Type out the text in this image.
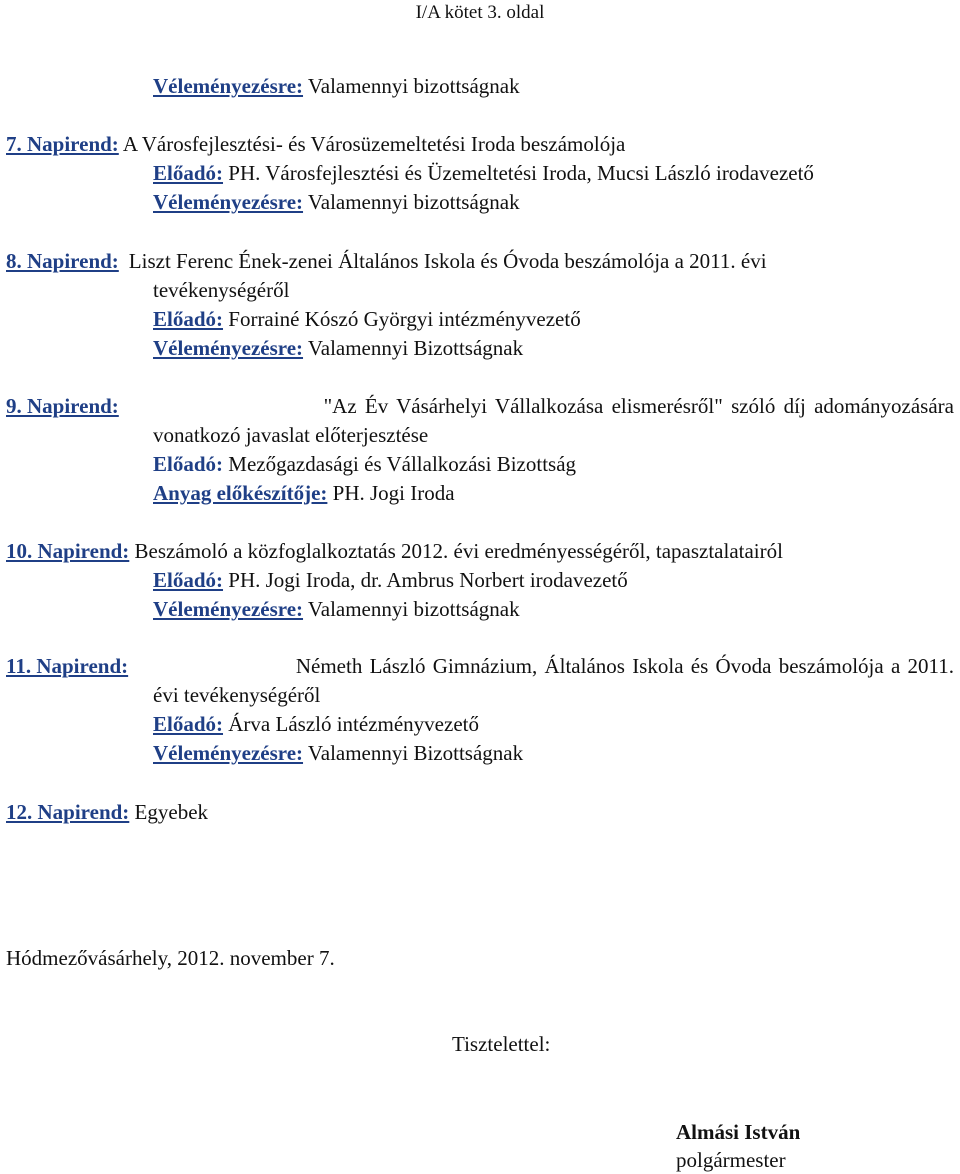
I/A kötet 3. oldal
Véleményezésre: Valamennyi bizottságnak
7. Napirend: A Városfejlesztési- és Városüzemeltetési Iroda beszámolója
Előadó: PH. Városfejlesztési és Üzemeltetési Iroda, Mucsi László irodavezető
Véleményezésre: Valamennyi bizottságnak
8. Napirend: Liszt Ferenc Ének-zenei Általános Iskola és Óvoda beszámolója a 2011. évi
tevékenységéről
Előadó: Forrainé Kószó Györgyi intézményvezető
Véleményezésre: Valamennyi Bizottságnak
9. Napirend:	"Az Év Vásárhelyi Vállalkozása elismerésről" szóló díj adományozására
vonatkozó javaslat előterjesztése
Előadó: Mezőgazdasági és Vállalkozási Bizottság
Anyag előkészítője: PH. Jogi Iroda
10. Napirend: Beszámoló a közfoglalkoztatás 2012. évi eredményességéről, tapasztalatairól
Előadó: PH. Jogi Iroda, dr. Ambrus Norbert irodavezető
Véleményezésre: Valamennyi bizottságnak
11. Napirend:	Németh László Gimnázium, Általános Iskola és Óvoda beszámolója a 2011.
évi tevékenységéről
Előadó: Árva László intézményvezető
Véleményezésre: Valamennyi Bizottságnak
12. Napirend: Egyebek
Hódmezővásárhely, 2012. november 7.
Tisztelettel:
Almási István
polgármester
